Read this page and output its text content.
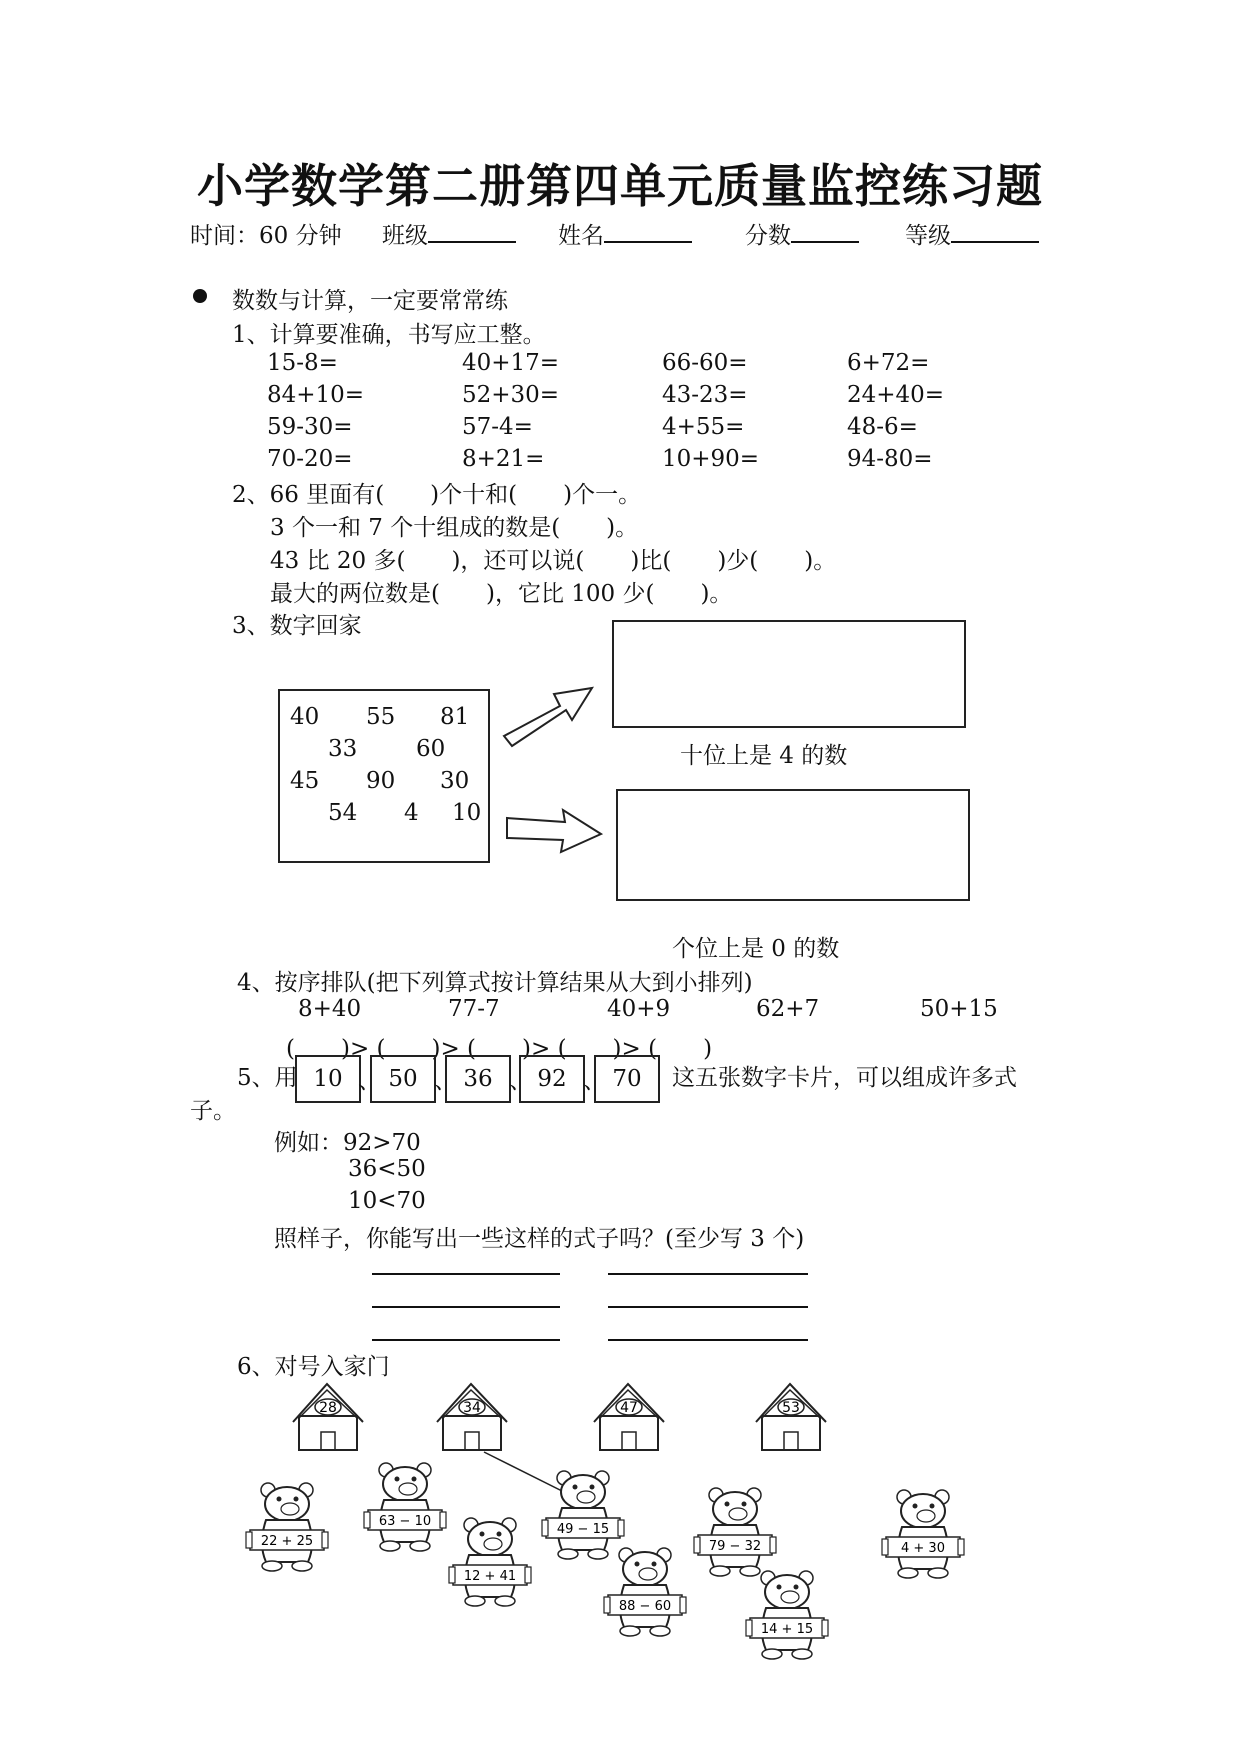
小学数学第二册第四单元质量监控练习题
时间：60 分钟 班级	姓名	分数	等级
数数与计算，一定要常常练
1、计算要准确，书写应工整。
15-8=	40+17=	66-60=	6+72=
84+10=	52+30=	43-23=	24+40=
59-30=	57-4=	4+55=	48-6=
70-20=	8+21=	10+90=	94-80=
2、66 里面有(　　)个十和(　　)个一。
3 个一和 7 个十组成的数是(　　)。
43 比 20 多(　　)，还可以说(　　)比(　　)少(　　)。
最大的两位数是(　　)，它比 100 少(　　)。
3、数字回家
40 55 81
33	60
45 90 30
54 4 10
十位上是 4 的数
个位上是 0 的数
4、按序排队(把下列算式按计算结果从大到小排列)
8+40	77-7	40+9	62+7	50+15
(　　)> (　　)> (　　)> (　　)> (　　)
5、用 10 、 50 、 36 、 92 、 70	这五张数字卡片，可以组成许多式
子。
例如：92>70
36<50
10<70
照样子，你能写出一些这样的式子吗？(至少写 3 个)
6、对号入家门
28	34	47	53
22 + 25
63 − 10
12 + 41
49 − 15
88 − 60
79 − 32
14 + 15
4 + 30
